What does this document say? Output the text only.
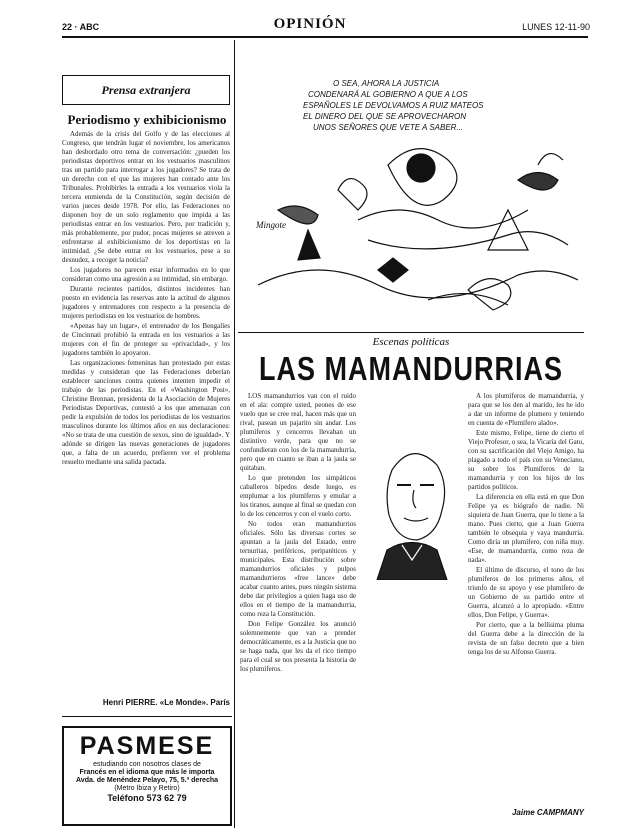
22 · ABC	OPINIÓN	LUNES 12-11-90
Prensa extranjera
Periodismo y exhibicionismo

Además de la crisis del Golfo y de las elecciones al Congreso, que tendrán lugar el noviembre, los americanos han desbordado otro tema de conversación: ¿pueden los periodistas deportivos entrar en los vestuarios masculinos tras un partido para interrogar a los jugadores? Se trata de un derecho con el que las mujeres han contado ante los Tribunales. Prohibirles la entrada a los vestuarios viola la tercera enmienda de la Constitución, según decisión de varios jueces desde 1978. Por ello, las Federaciones no disponen hoy de un solo reglamento que impida a las periodistas entrar en los vestuarios. Pero, por tradición y, más probablemente, por pudor, pocas mujeres se atreven a enfrentarse al exhibicionismo de los deportistas en la intimidad. ¿Se debe entrar en los vestuarios, pese a su desnudez, a recoger la noticia?

Los jugadores no parecen estar informados en lo que consideran como una agresión a su intimidad, sin embargo.

Durante recientes partidos, distintos incidentes han puesto en evidencia las reservas ante la actitud de algunos jugadores y entrenadores con respecto a la presencia de mujeres periodistas en los vestuarios de hombres.

«Apenas hay un lugar», el entrenador de los Bengalíes de Cincinnati prohibió la entrada en los vestuarios a las mujeres con el fin de proteger su «privacidad», y los jugadores también lo apoyaron.

Las organizaciones femeninas han protestado por estas medidas y consideran que las Federaciones deberían establecer sanciones contra quienes intenten impedir el trabajo de las periodistas. En el «Washington Post», Christine Brennan, presidenta de la Asociación de Mujeres Periodistas Deportivas, contestó a los que amenazan con pedir la expulsión de todos los periodistas de los vestuarios masculinos durante los últimos años en sus declaraciones: «No se trata de una cuestión de sexos, sino de igualdad». Y adónde se dirigen las nuevas generaciones de jugadores que, a falta de un acuerdo, prefieren ver el problema resuelto mediante una salida pactada.

Henri PIERRE. «Le Monde». París
PASMESE
estudiando con nosotros clases de
Francés en el idioma que más le importa
Avda. de Menéndez Pelayo, 75, 5.ª derecha
(Metro Ibiza y Retiro)
Teléfono 573 62 79
O SEA, AHORA LA JUSTICIA
CONDENARÁ AL GOBIERNO A QUE A LOS
ESPAÑOLES LE DEVOLVAMOS A RUIZ MATEOS
EL DINERO DEL QUE SE APROVECHARON
UNOS SEÑORES QUE VETE A SABER...
Mingote
Escenas políticas
LAS MAMANDURRIAS

LOS mamandurrios van con el ruido en el ala: compre usted, peones de ese vuelo que se cree real, hacen más que un rival, pasean un pajarito sin andar. Los plumíferos y cencerros llevaban un distintivo verde, para que no se confundieran con los de la mamandurria, pero que en cuanto se iban a la jaula se quitaban.

Lo que pretenden los simpáticos caballeros bípedos desde luego, es emplumar a los plumíferos y emular a los tiranos, aunque al final se quedan con lo de los cencerros y con el vuelo corto.

No todos eran mamandurrios oficiales. Sólo las diversas cortes se apuntan a la jaula del Estado, entre ternuritas, periféricos, peripatéticos y municipales. Esta distribución sobre mamandurrios oficiales y pulpos mamandurrieros «free lance» debe acabar cuanto antes, pues ningún sistema debe dar privilegios a quien haga uso de ellos en el tiempo de la mamandurria, como reza la Constitución.

Don Felipe González los anunció solemnemente que van a prender democráticamente, es a la Justicia que no se haga nada, que les da el rico tiempo para el cual se nos presenta la historia de los plumíferos.

A los plumíferos de mamandurria, y para que se los den al marido, les he ido a dar un informe de plumero y teniendo en cuenta de «Plumífero alado».

Este mismo, Felipe, tiene de cierto el Viejo Profesor, o sea, la Vicaría del Gato, con su sacrificación del Viejo Amigo, ha plagado a todo el país con su Veneciano, su sobre los Plumíferos de la mamandurria y con los hijos de los partidos políticos.

La diferencia en ella está en que Don Felipe ya es biógrafo de nadie. Ni siquiera de Juan Guerra, que lo tiene a la mano. Pues cierto, que a Juan Guerra también le obsequia y vaya mandurria. Como diría un plumífero, con niña muy. «Ese, de mamandurria, como reza de nada».

El último de discurso, el tono de los plumíferos de los primeros años, el triunfo de su apoyo y ese plumífero de un Gobierno de su partido entre el Guerra, alcanzó a lo apropiado. «Entre ellos, Don Felipe, y Guerra».

Por cierto, que a la bellísima pluma del Guerra debe a la dirección de la revista de un falso decreto que a bien tenga los de su Alfonso Guerra.

Jaime CAMPMANY
